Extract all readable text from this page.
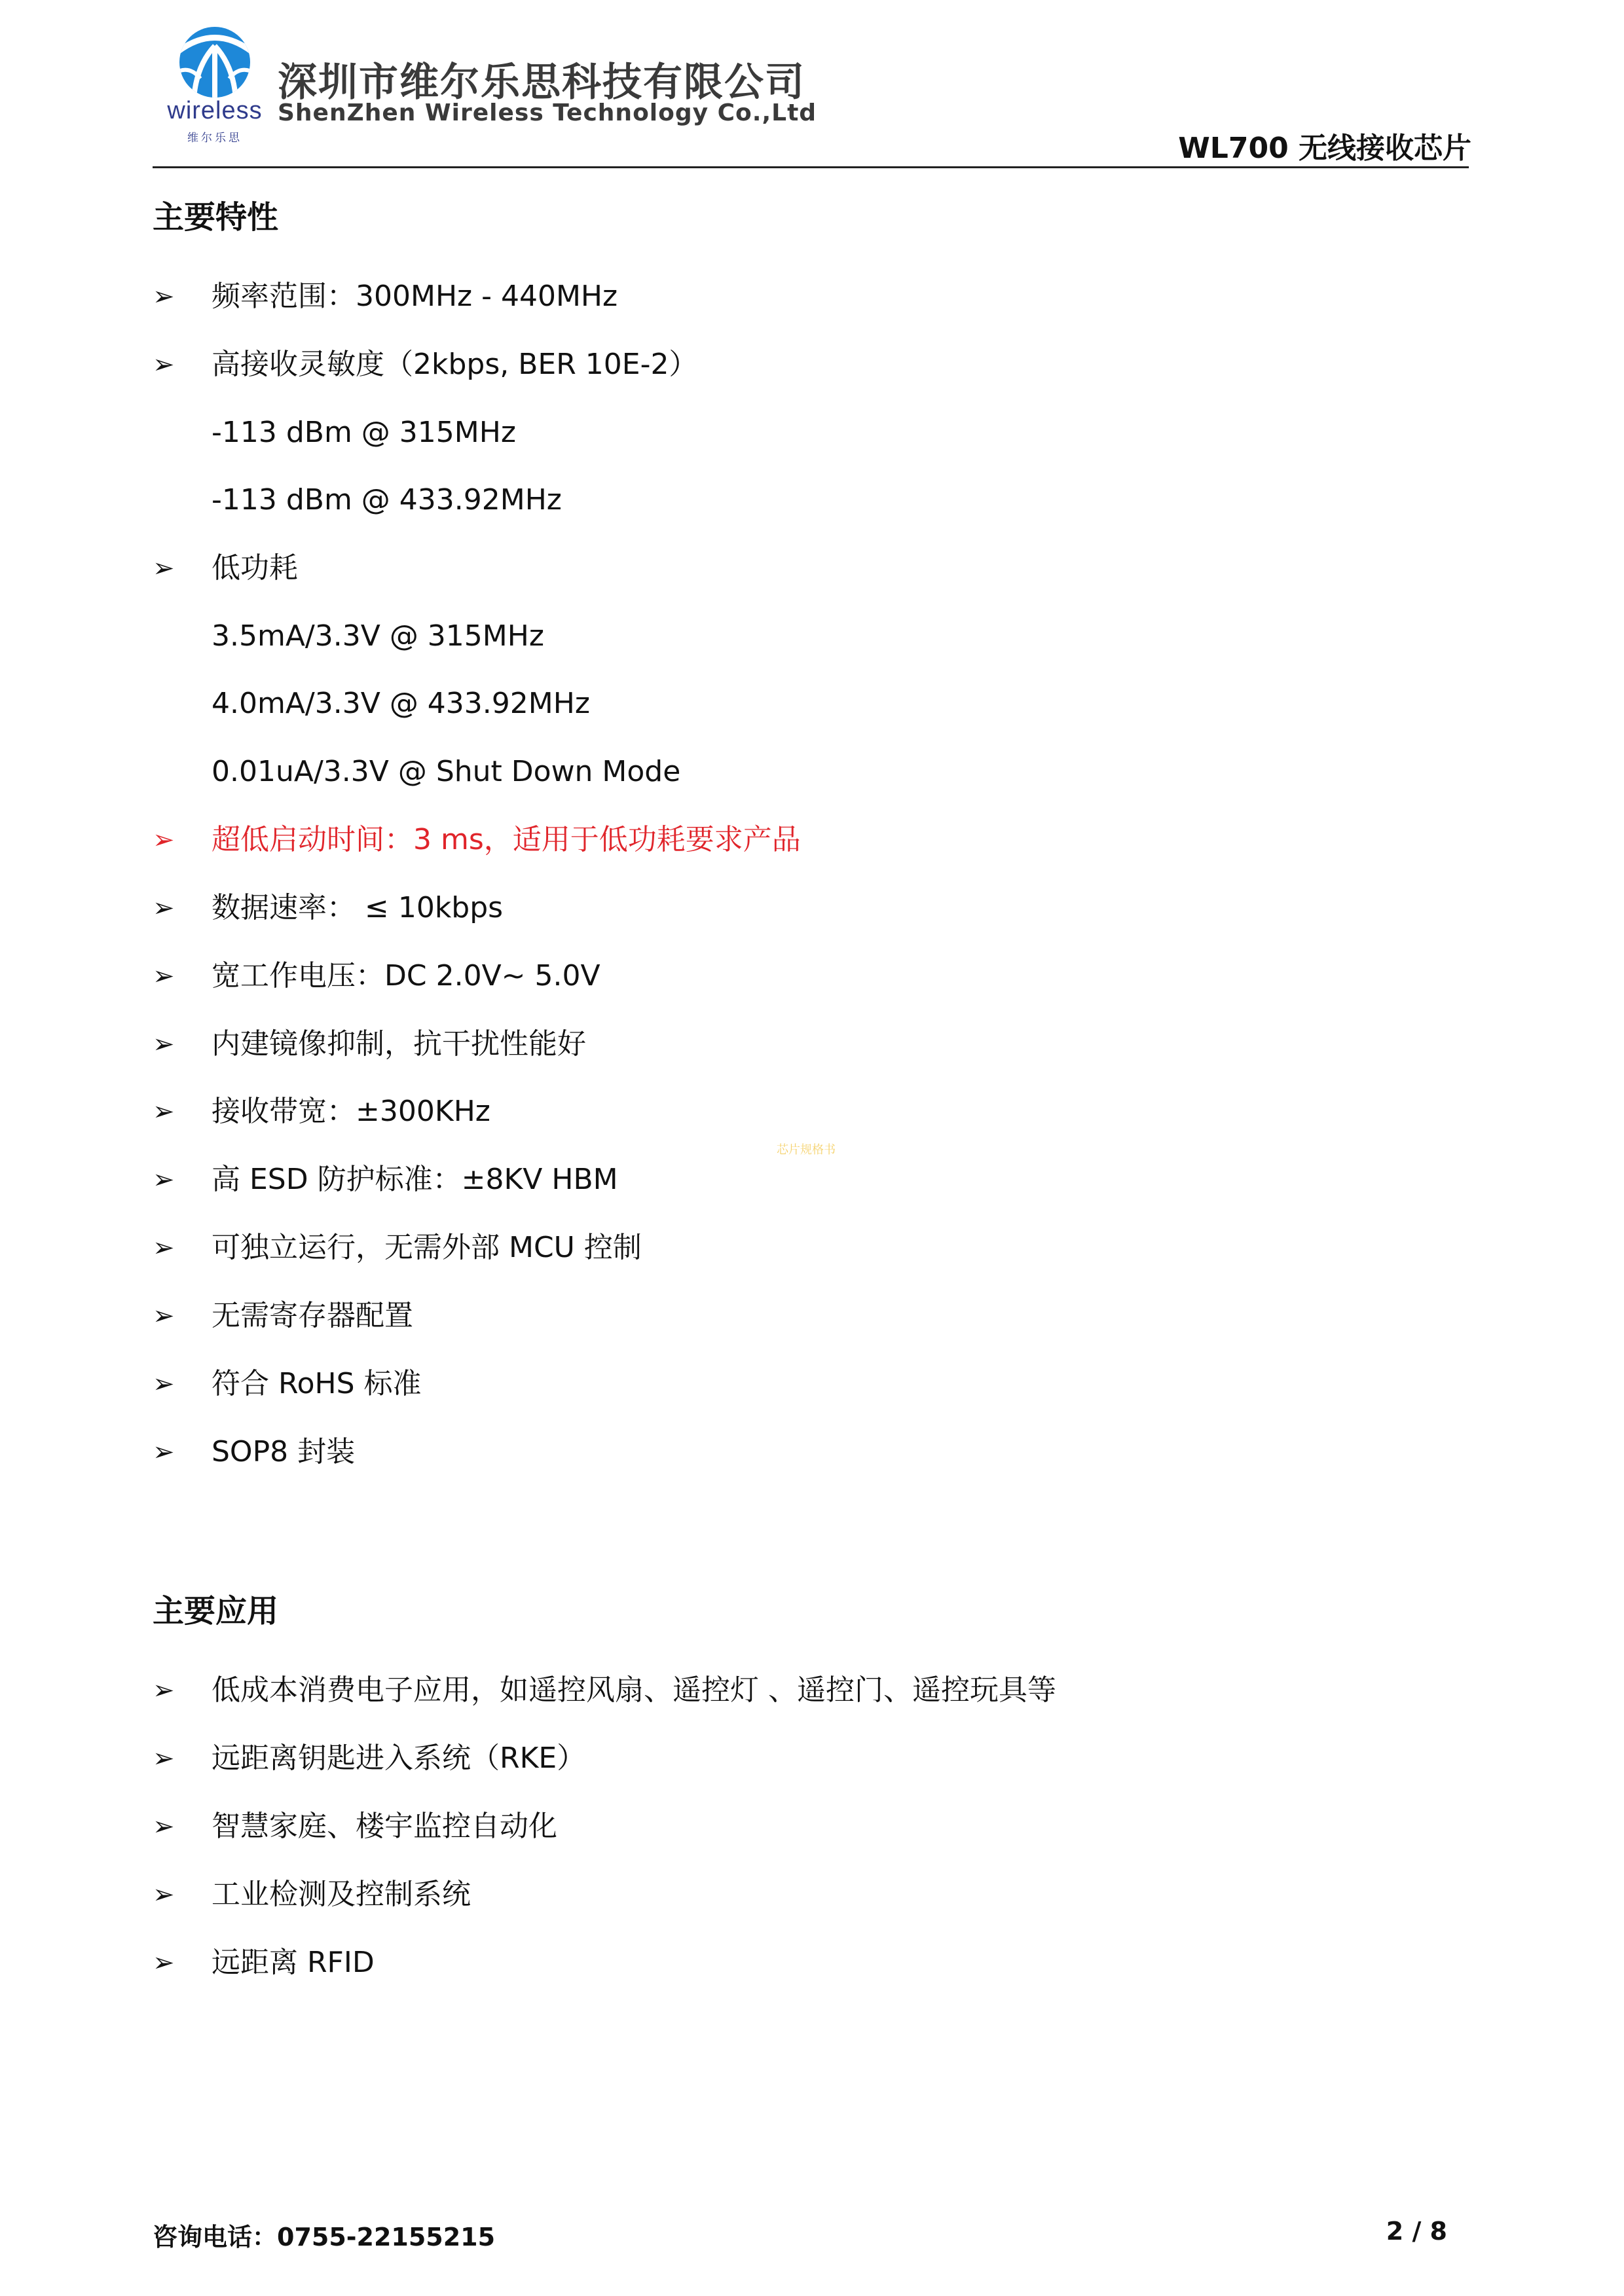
wireless
维尔乐思
深圳市维尔乐思科技有限公司
ShenZhen Wireless Technology Co.,Ltd
WL700 无线接收芯片
主要特性
➢ 频率范围：300MHz - 440MHz
➢ 高接收灵敏度（2kbps, BER 10E-2）
-113 dBm @ 315MHz
-113 dBm @ 433.92MHz
➢ 低功耗
3.5mA/3.3V @ 315MHz
4.0mA/3.3V @ 433.92MHz
0.01uA/3.3V @ Shut Down Mode
➢ 超低启动时间：3 ms，适用于低功耗要求产品
➢ 数据速率： ≤ 10kbps
➢ 宽工作电压：DC 2.0V~ 5.0V
➢ 内建镜像抑制，抗干扰性能好
➢ 接收带宽：±300KHz
芯片规格书
➢ 高 ESD 防护标准：±8KV HBM
➢ 可独立运行，无需外部 MCU 控制
➢ 无需寄存器配置
➢ 符合 RoHS 标准
➢ SOP8 封装
主要应用
➢ 低成本消费电子应用，如遥控风扇、遥控灯 、遥控门、遥控玩具等
➢ 远距离钥匙进入系统（RKE）
➢ 智慧家庭、楼宇监控自动化
➢ 工业检测及控制系统
➢ 远距离 RFID
咨询电话：0755-22155215	2 / 8
